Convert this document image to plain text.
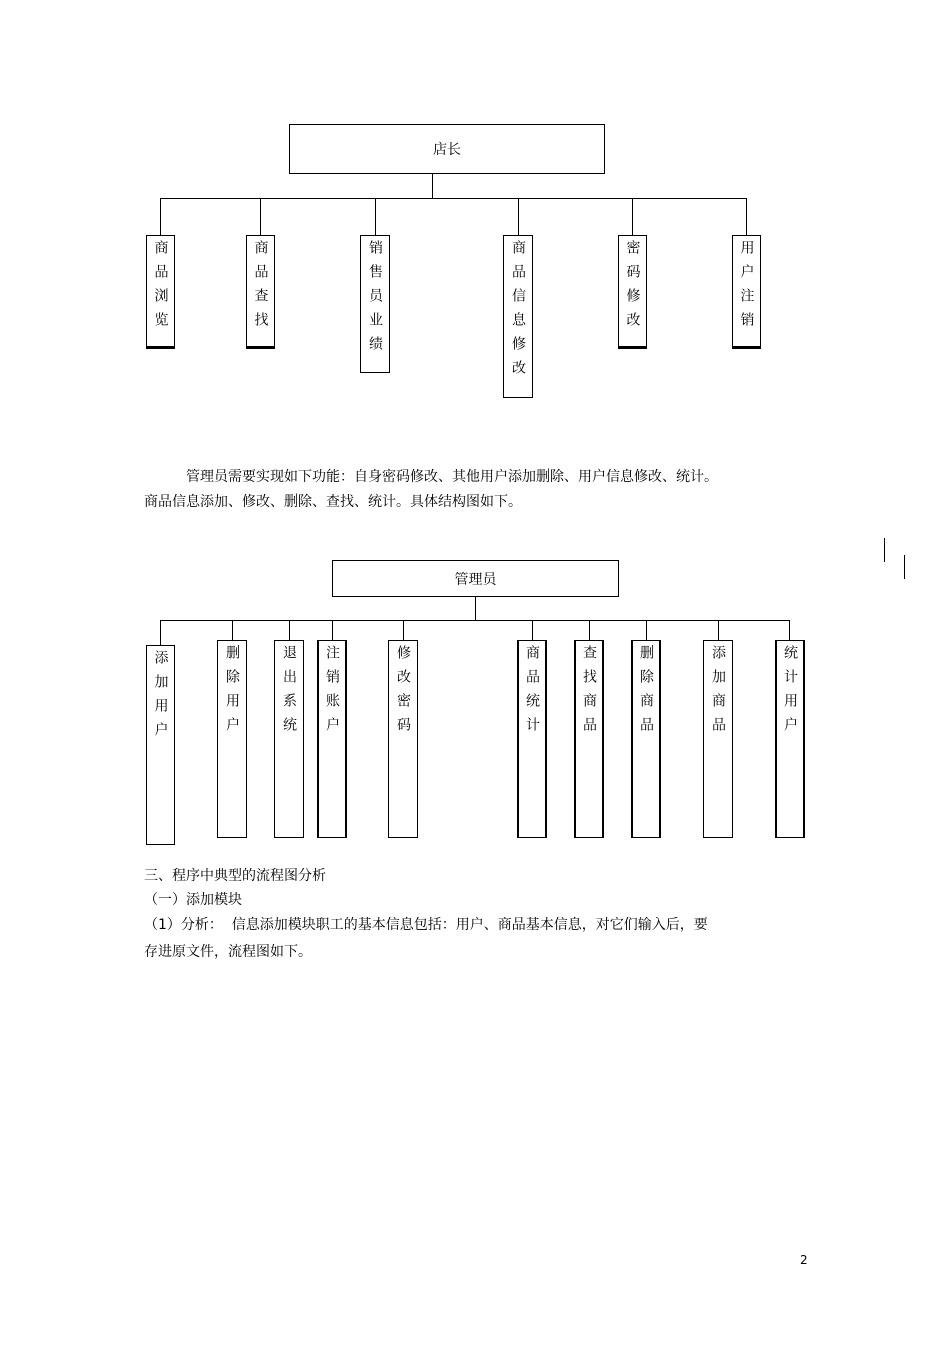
店长
商品浏览	商品查找	销售员业绩	商品信息修改	密码修改	用户注销
管理员需要实现如下功能：自身密码修改、其他用户添加删除、用户信息修改、统计。
商品信息添加、修改、删除、查找、统计。具体结构图如下。
管理员
添加用户	删除用户	退出系统 注销账户	修改密码	商品统计	查找商品	删除商品	添加商品	统计用户
三、程序中典型的流程图分析
（一）添加模块
（1）分析：  信息添加模块职工的基本信息包括：用户、商品基本信息，对它们输入后，要
存进原文件，流程图如下。
2
